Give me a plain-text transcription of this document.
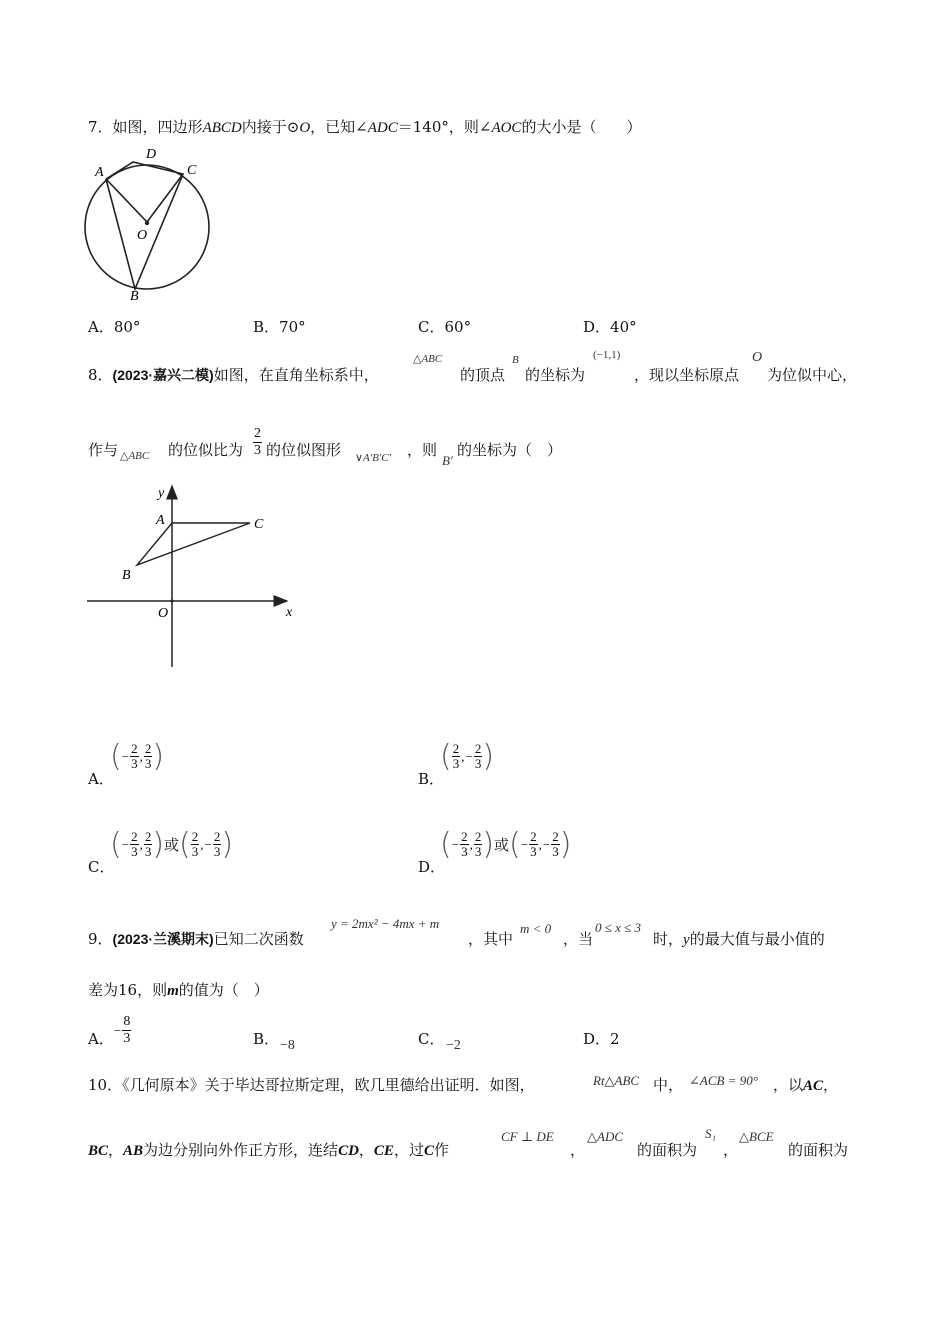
7．如图，四边形ABCD内接于⊙O，已知∠ADC＝140°，则∠AOC的大小是（　　）
A
D
C
O
B
A．80°	B．70°	C．60°	D．40°
8．(2023·嘉兴二模)如图，在直角坐标系中，
△ABC
的顶点
B
的坐标为
(−1,1)
，现以坐标原点
O
为位似中心，
作与 △ABC 的位似比为 $\frac{2}{3}$ 的位似图形 ∨A′B′C′ ，则
B′
的坐标为（　）
y
x
A	C
B
O
A．
( − $\frac{2}{3}$ , $\frac{2}{3}$ )
B．
( $\frac{2}{3}$ , − $\frac{2}{3}$ )
C．
( − $\frac{2}{3}$ , $\frac{2}{3}$ ) 或 ( $\frac{2}{3}$ , − $\frac{2}{3}$ )
D．
( − $\frac{2}{3}$ , $\frac{2}{3}$ ) 或 ( − $\frac{2}{3}$ , − $\frac{2}{3}$ )
9．(2023·兰溪期末)已知二次函数
y = 2mx² − 4mx + m
，其中
m < 0
，当
0 ≤ x ≤ 3
时，y的最大值与最小值的
差为16，则m的值为（　）
A． − $\frac{8}{3}$	B． −8	C． −2	D．2
10．《几何原本》关于毕达哥拉斯定理，欧几里德给出证明．如图，	Rt△ABC 中， ∠ACB = 90° ，以AC，
BC，AB为边分别向外作正方形，连结CD，CE，过C作
CF ⊥ DE
，
△ADC
的面积为
S₁
，
△BCE
的面积为
